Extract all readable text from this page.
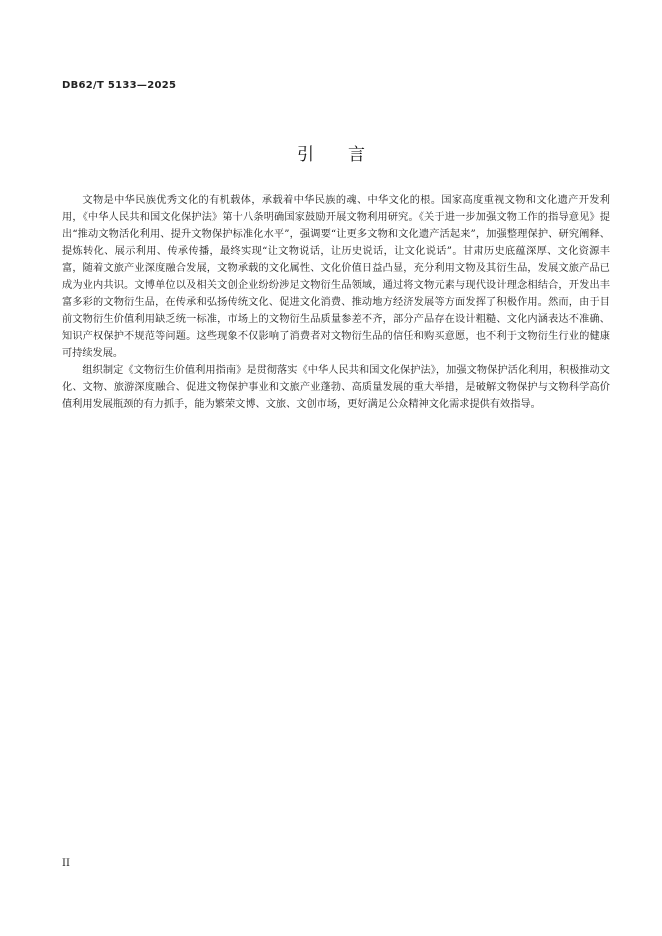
DB62/T 5133—2025
引言

文物是中华民族优秀文化的有机载体，承载着中华民族的魂、中华文化的根。国家高度重视文物和文化遗产开发利用，《中华人民共和国文化保护法》第十八条明确国家鼓励开展文物利用研究。《关于进一步加强文物工作的指导意见》提出“推动文物活化利用、提升文物保护标准化水平”，强调要“让更多文物和文化遗产活起来”，加强整理保护、研究阐释、提炼转化、展示利用、传承传播，最终实现“让文物说话，让历史说话，让文化说话”。甘肃历史底蕴深厚、文化资源丰富，随着文旅产业深度融合发展，文物承载的文化属性、文化价值日益凸显，充分利用文物及其衍生品，发展文旅产品已成为业内共识。文博单位以及相关文创企业纷纷涉足文物衍生品领域，通过将文物元素与现代设计理念相结合，开发出丰富多彩的文物衍生品，在传承和弘扬传统文化、促进文化消费、推动地方经济发展等方面发挥了积极作用。然而，由于目前文物衍生价值利用缺乏统一标准，市场上的文物衍生品质量参差不齐，部分产品存在设计粗糙、文化内涵表达不准确、知识产权保护不规范等问题。这些现象不仅影响了消费者对文物衍生品的信任和购买意愿，也不利于文物衍生行业的健康可持续发展。

组织制定《文物衍生价值利用指南》是贯彻落实《中华人民共和国文化保护法》，加强文物保护活化利用，积极推动文化、文物、旅游深度融合、促进文物保护事业和文旅产业蓬勃、高质量发展的重大举措，是破解文物保护与文物科学高价值利用发展瓶颈的有力抓手，能为繁荣文博、文旅、文创市场，更好满足公众精神文化需求提供有效指导。

II
